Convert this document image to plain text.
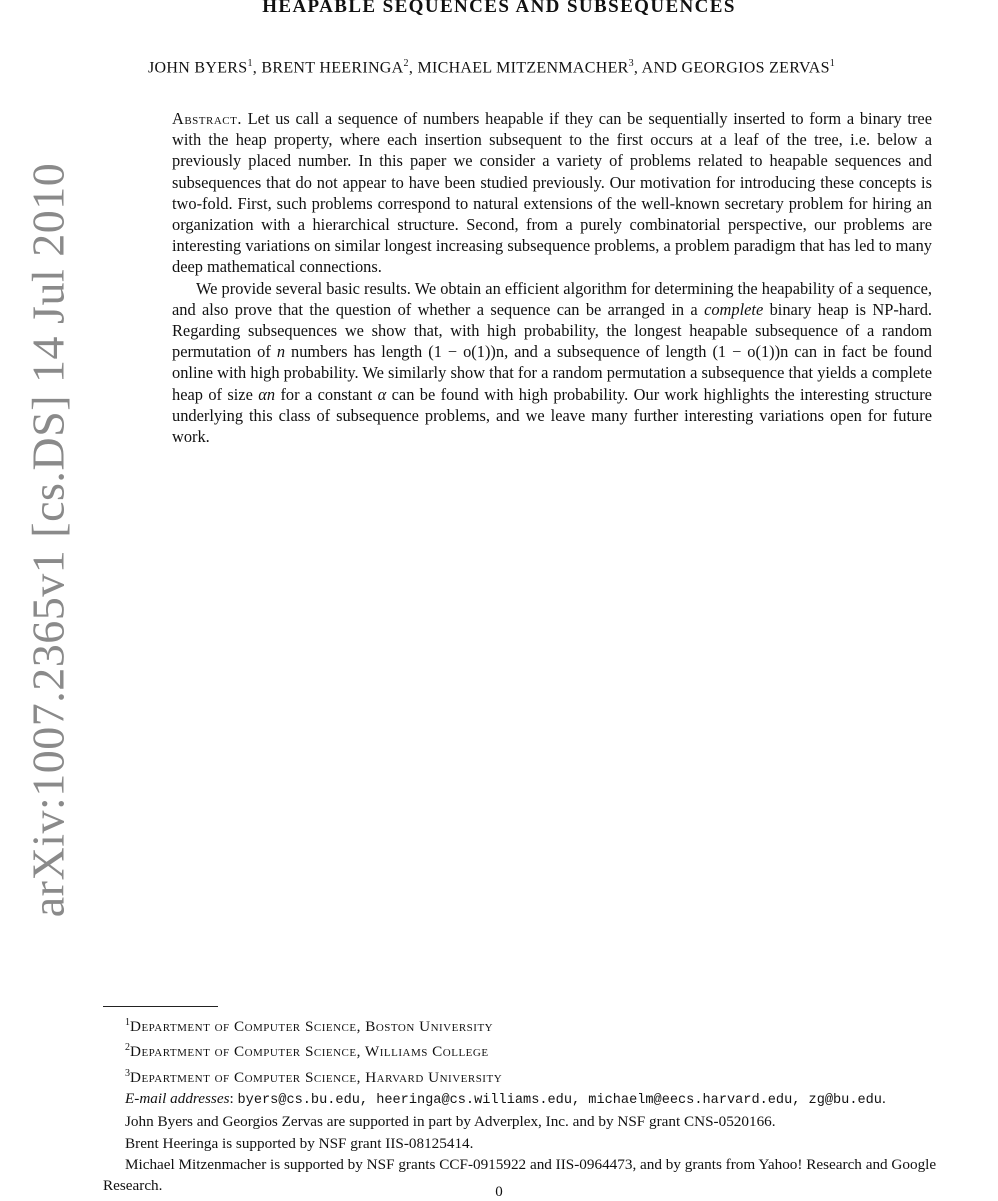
arXiv:1007.2365v1 [cs.DS] 14 Jul 2010
HEAPABLE SEQUENCES AND SUBSEQUENCES
JOHN BYERS$^1$, BRENT HEERINGA$^2$, MICHAEL MITZENMACHER$^3$, AND GEORGIOS ZERVAS$^1$

Abstract. Let us call a sequence of numbers heapable if they can be sequentially inserted to form a binary tree with the heap property, where each insertion subsequent to the first occurs at a leaf of the tree, i.e. below a previously placed number. In this paper we consider a variety of problems related to heapable sequences and subsequences that do not appear to have been studied previously. Our motivation for introducing these concepts is two-fold. First, such problems correspond to natural extensions of the well-known secretary problem for hiring an organization with a hierarchical structure. Second, from a purely combinatorial perspective, our problems are interesting variations on similar longest increasing subsequence problems, a problem paradigm that has led to many deep mathematical connections.

We provide several basic results. We obtain an efficient algorithm for determining the heapability of a sequence, and also prove that the question of whether a sequence can be arranged in a complete binary heap is NP-hard. Regarding subsequences we show that, with high probability, the longest heapable subsequence of a random permutation of n numbers has length (1 − o(1))n, and a subsequence of length (1 − o(1))n can in fact be found online with high probability. We similarly show that for a random permutation a subsequence that yields a complete heap of size αn for a constant α can be found with high probability. Our work highlights the interesting structure underlying this class of subsequence problems, and we leave many further interesting variations open for future work.

$^1$Department of Computer Science, Boston University
$^2$Department of Computer Science, Williams College
$^3$Department of Computer Science, Harvard University
E-mail addresses: byers@cs.bu.edu, heeringa@cs.williams.edu, michaelm@eecs.harvard.edu, zg@bu.edu.
John Byers and Georgios Zervas are supported in part by Adverplex, Inc. and by NSF grant CNS-0520166.
Brent Heeringa is supported by NSF grant IIS-08125414.
Michael Mitzenmacher is supported by NSF grants CCF-0915922 and IIS-0964473, and by grants from Yahoo! Research and Google Research.	0
